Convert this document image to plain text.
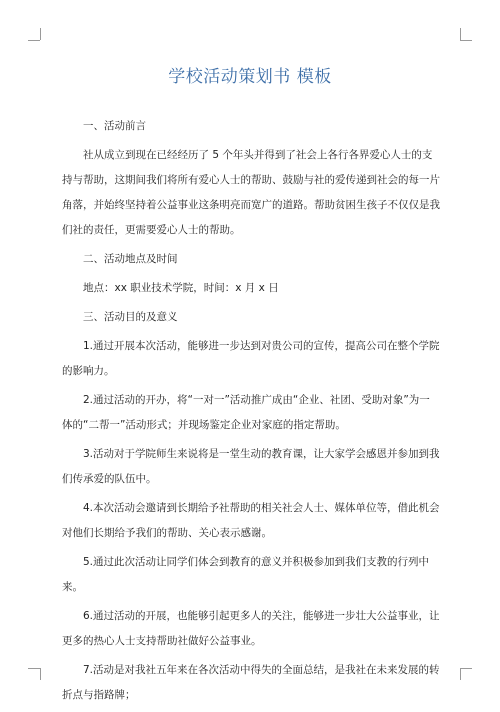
学校活动策划书 模板

一、活动前言

社从成立到现在已经经历了 5 个年头并得到了社会上各行各界爱心人士的支持与帮助，这期间我们将所有爱心人士的帮助、鼓励与社的爱传递到社会的每一片角落，并始终坚持着公益事业这条明亮而宽广的道路。帮助贫困生孩子不仅仅是我们社的责任，更需要爱心人士的帮助。

二、活动地点及时间

地点：xx 职业技术学院，时间：x 月 x 日

三、活动目的及意义

1.通过开展本次活动，能够进一步达到对贵公司的宣传，提高公司在整个学院的影响力。

2.通过活动的开办，将“一对一”活动推广成由“企业、社团、受助对象”为一体的“二帮一”活动形式；并现场鉴定企业对家庭的指定帮助。

3.活动对于学院师生来说将是一堂生动的教育课，让大家学会感恩并参加到我们传承爱的队伍中。

4.本次活动会邀请到长期给予社帮助的相关社会人士、媒体单位等，借此机会对他们长期给予我们的帮助、关心表示感谢。

5.通过此次活动让同学们体会到教育的意义并积极参加到我们支教的行列中来。

6.通过活动的开展，也能够引起更多人的关注，能够进一步壮大公益事业，让更多的热心人士支持帮助社做好公益事业。

7.活动是对我社五年来在各次活动中得失的全面总结，是我社在未来发展的转折点与指路牌；
